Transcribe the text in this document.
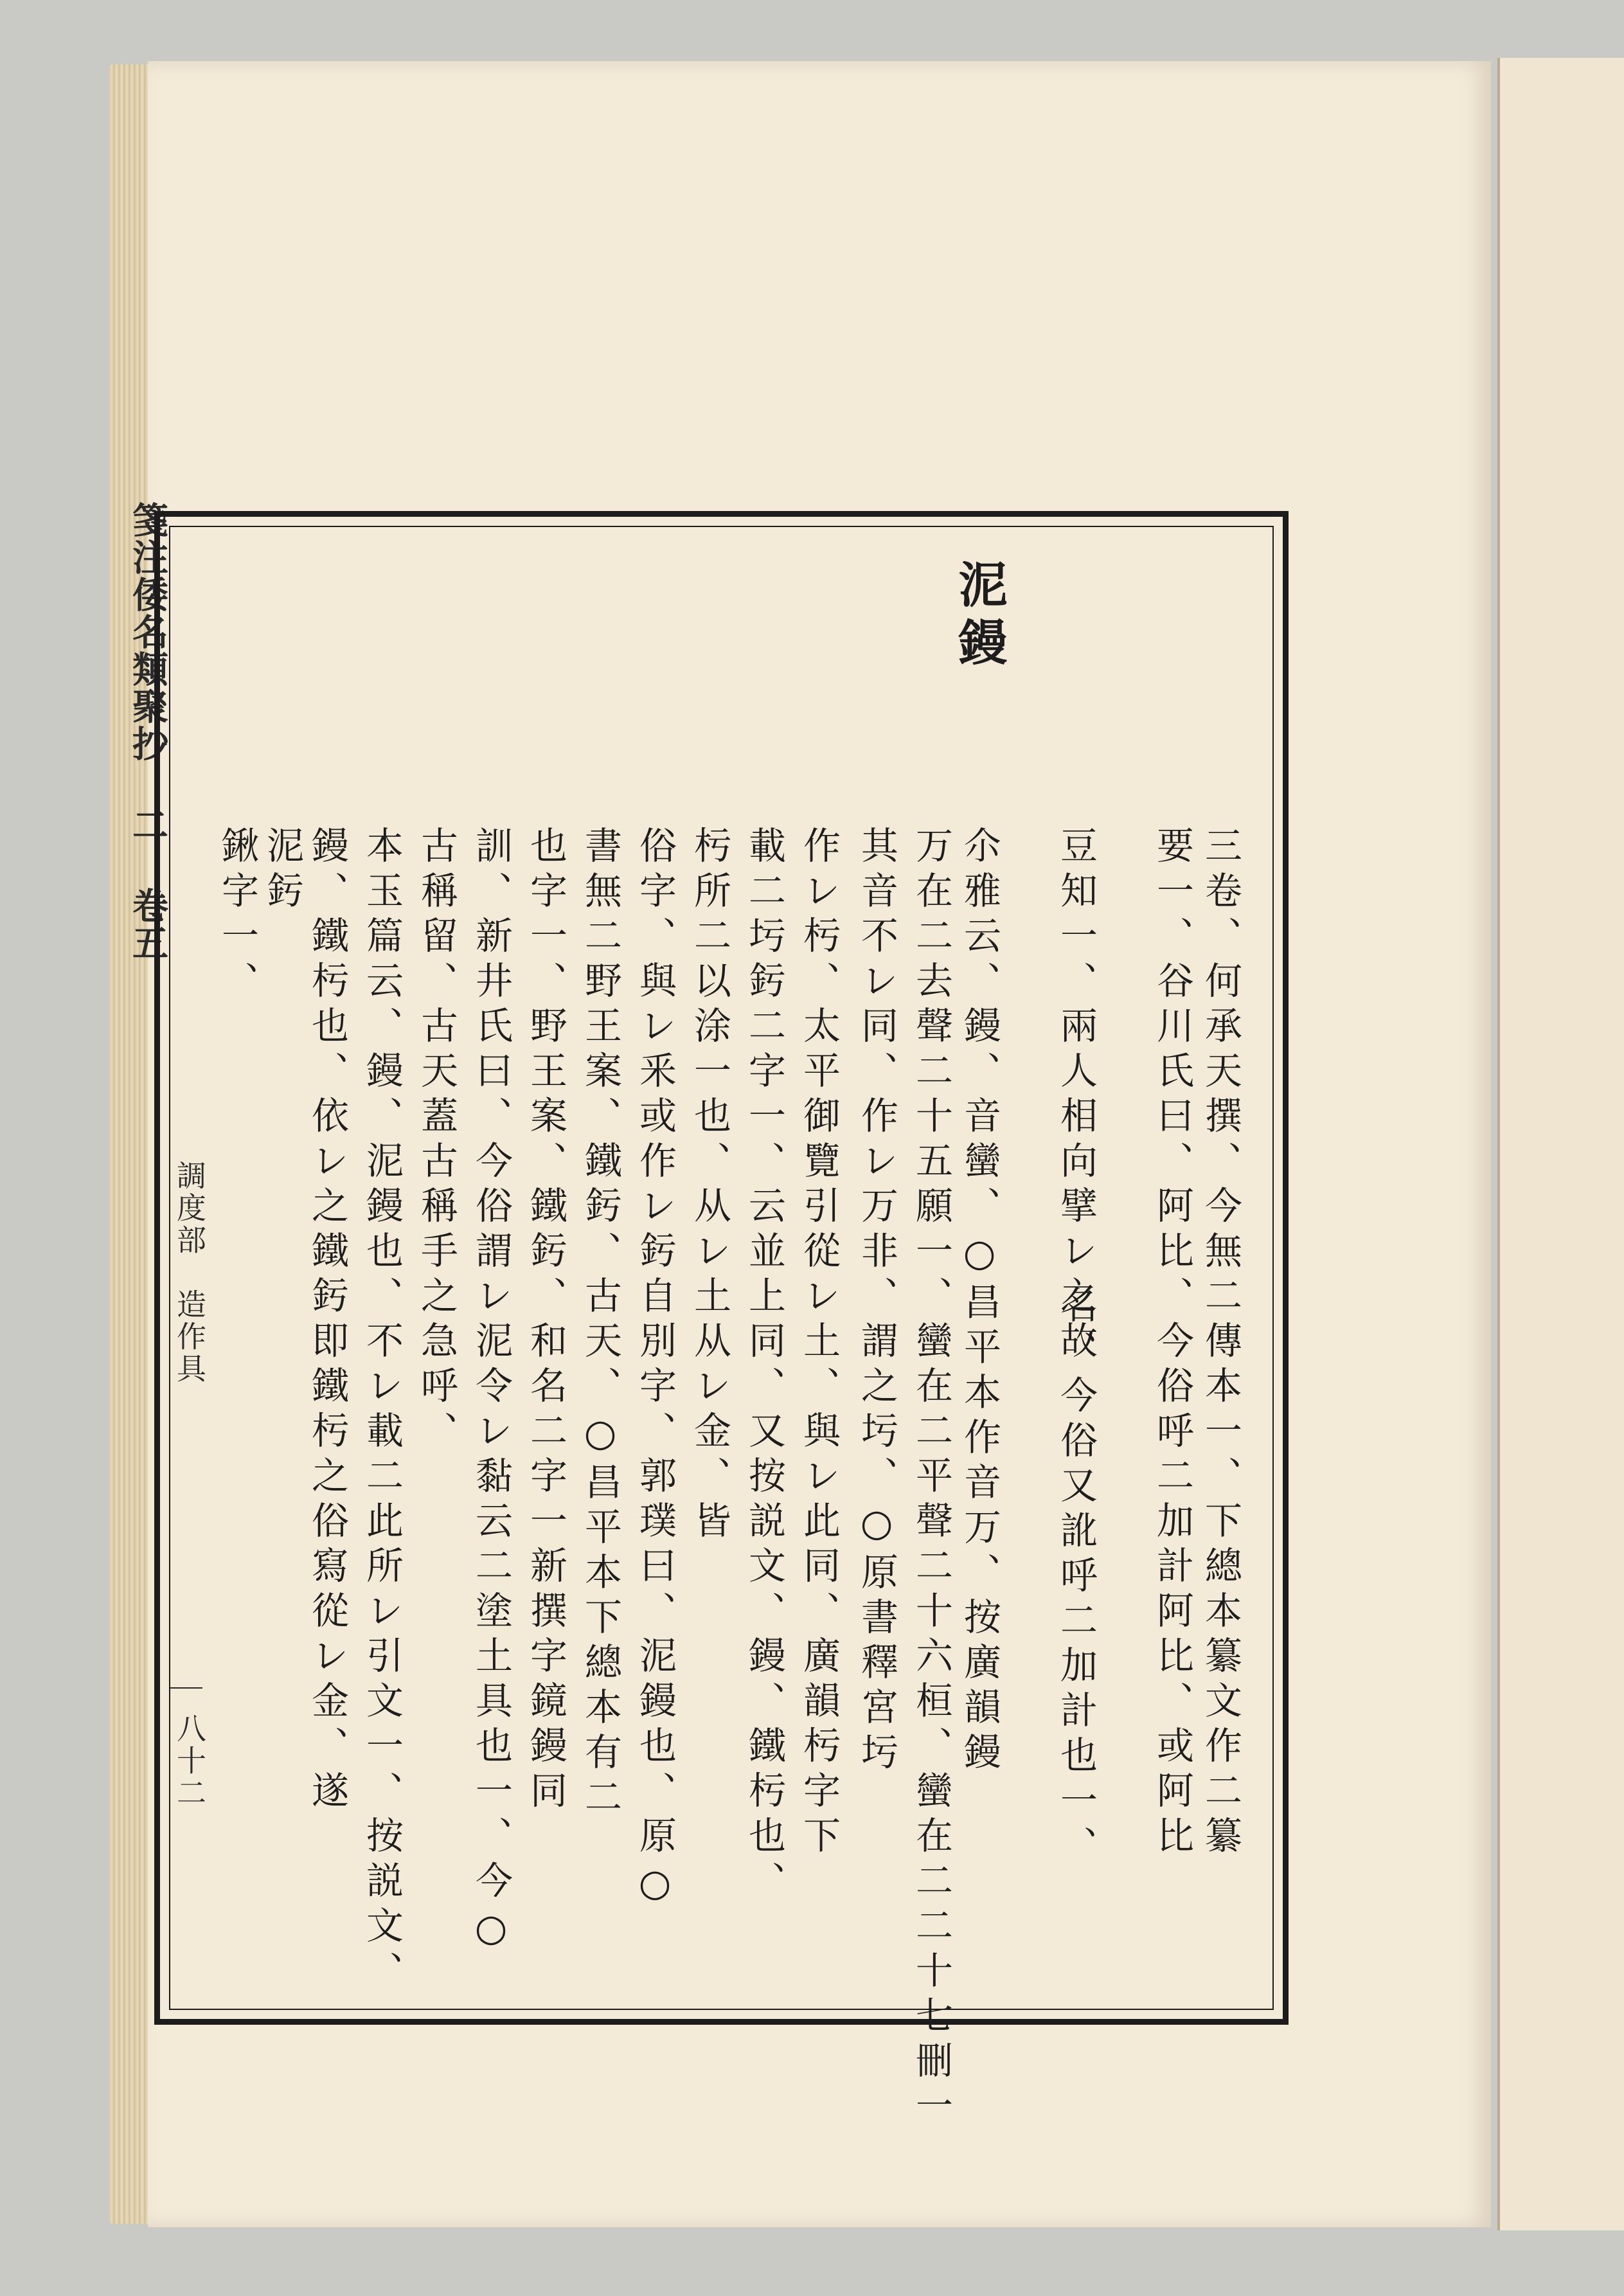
箋注倭名類聚抄 二 卷五
調度部　造作具
八十二
泥鏝
三卷、何承天撰、今無二傳本一、下總本纂文作二纂
要一、谷川氏曰、阿比、今俗呼二加計阿比、或阿比
豆知一、兩人相向擘レ之故
名、今俗又訛呼二加計也一、
尒雅云、鏝、音蠻、○昌平本作音万、按廣韻鏝
万在二去聲二十五願一、蠻在二平聲二十六桓、蠻在二二十七刪一
其音不レ同、作レ万非、謂之圬、○原書釋宮圬
作レ杇、太平御覽引從レ土、與レ此同、廣韻杇字下
載二圬釫二字一、云並上同、又按説文、鏝、鐵杇也、
杇所二以涂一也、从レ土从レ金、皆
俗字、與レ釆或作レ釫自別字、郭璞曰、泥鏝也、原○
書無二野王案、鐵釫、古天、○昌平本下總本有二
也字一、野王案、鐵釫、和名二字一新撰字鏡鏝同
訓、新井氏曰、今俗謂レ泥令レ黏云二塗土具也一、今○
古稱留、古天蓋古稱手之急呼、
本玉篇云、鏝、泥鏝也、不レ載二此所レ引文一、按説文、
鏝、鐵杇也、依レ之鐵釫即鐵杇之俗寫從レ金、遂
泥釫
鍬字一、
